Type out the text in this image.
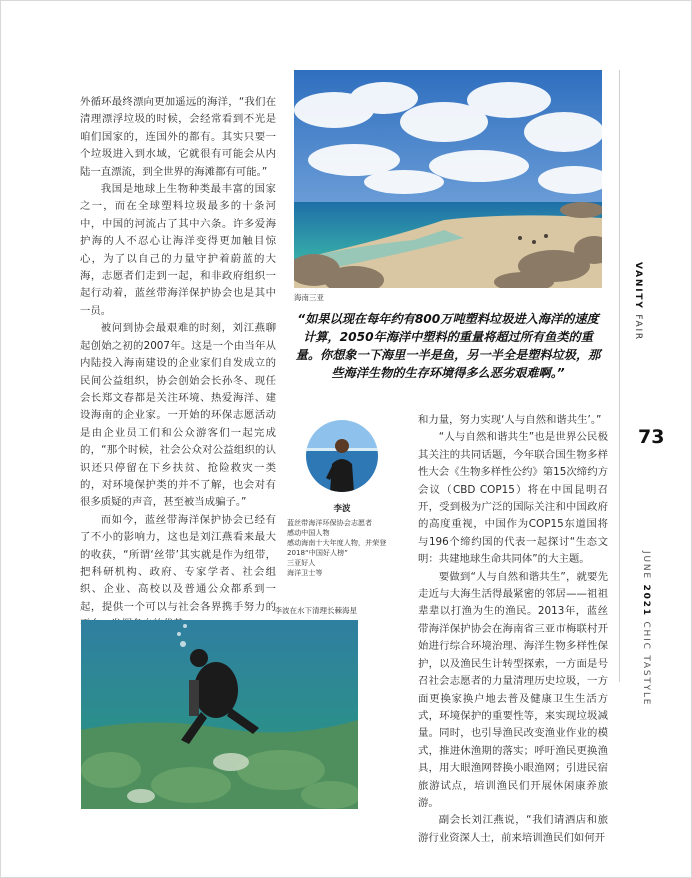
外循环最终漂向更加遥远的海洋，“我们在清理漂浮垃圾的时候，会经常看到不光是咱们国家的，连国外的都有。其实只要一个垃圾进入到水域，它就很有可能会从内陆一直漂流，到全世界的海滩都有可能。”

我国是地球上生物种类最丰富的国家之一，而在全球塑料垃圾最多的十条河中，中国的河流占了其中六条。许多爱海护海的人不忍心让海洋变得更加触目惊心，为了以自己的力量守护着蔚蓝的大海，志愿者们走到一起，和非政府组织一起行动着，蓝丝带海洋保护协会也是其中一员。

被问到协会最艰难的时刻，刘江燕聊起创始之初的2007年。这是一个由当年从内陆投入海南建设的企业家们自发成立的民间公益组织，协会创始会长孙冬、现任会长郑文春都是关注环境、热爱海洋、建设海南的企业家。一开始的环保志愿活动是由企业员工们和公众游客们一起完成的，“那个时候，社会公众对公益组织的认识还只停留在下乡扶贫、抢险救灾一类的，对环境保护类的并不了解，也会对有很多质疑的声音，甚至被当成骗子。”

而如今，蓝丝带海洋保护协会已经有了不小的影响力，这也是刘江燕看来最大的收获，“所谓‘丝带’其实就是作为纽带，把科研机构、政府、专家学者、社会组织、企业、高校以及普通公众都系到一起，提供一个可以与社会各界携手努力的

海南三亚
“如果以现在每年约有800万吨塑料垃圾进入海洋的速度计算，2050年海洋中塑料的重量将超过所有鱼类的重量。你想象一下海里一半是鱼，另一半全是塑料垃圾，那些海洋生物的生存环境得多么恶劣艰难啊。”
李波
蓝丝带海洋环保协会志愿者
感动中国人物
感动海南十大年度人物，并荣登
2018“中国好人榜”
三亚好人
海洋卫士等

和力量，努力实现‘人与自然和谐共生’。”

“人与自然和谐共生”也是世界公民极其关注的共同话题，今年联合国生物多样性大会《生物多样性公约》第15次缔约方会议（CBD COP15）将在中国昆明召开，受到极为广泛的国际关注和中国政府的高度重视，中国作为COP15东道国将与196个缔约国的代表一起探讨“生态文明：共建地球生命共同体”的大主题。

要做到“人与自然和谐共生”，就要先走近与大海生活得最紧密的邻居——祖祖辈辈以打渔为生的渔民。2013年，蓝丝带海洋保护协会在海南省三亚市梅联村开始进行综合环境治理、海洋生物多样性保护，以及渔民生计转型探索，一方面是号召社会志愿者的力量清理历史垃圾，一方面更换家换户地去普及健康卫生生活方式，环境保护的重要性等，来实现垃圾减量。同时，也引导渔民改变渔业作业的模式，推进休渔期的落实；呼吁渔民更换渔具，用大眼渔网替换小眼渔网；引进民宿旅游试点，培训渔民们开展休闲康养旅游。

副会长刘江燕说，“我们请酒店和旅游行业资深人士，前来培训渔民们如何开

李波在水下清理长棘海星
VANITY FAIR
73
JUNE 2021 CHIC TASTYLE
